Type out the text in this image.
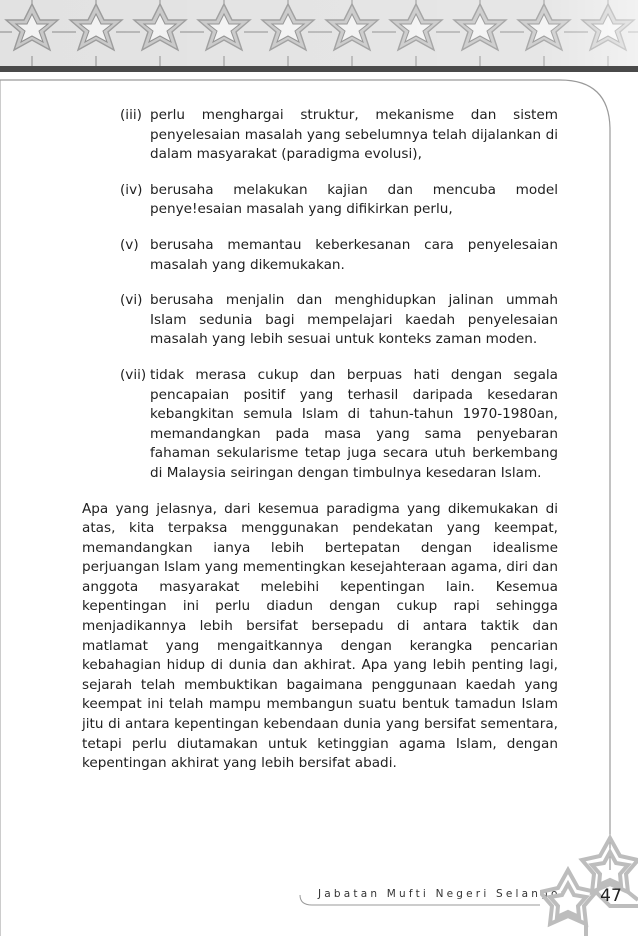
(iii) perlu menghargai struktur, mekanisme dan sistem penyelesaian masalah yang sebelumnya telah dijalankan di dalam masyarakat (paradigma evolusi),
(iv) berusaha melakukan kajian dan mencuba model penye!esaian masalah yang difikirkan perlu,
(v) berusaha memantau keberkesanan cara penyelesaian masalah yang dikemukakan.
(vi) berusaha menjalin dan menghidupkan jalinan ummah Islam sedunia bagi mempelajari kaedah penyelesaian masalah yang lebih sesuai untuk konteks zaman moden.
(vii) tidak merasa cukup dan berpuas hati dengan segala pencapaian positif yang terhasil daripada kesedaran kebangkitan semula Islam di tahun-tahun 1970-1980an, memandangkan pada masa yang sama penyebaran fahaman sekularisme tetap juga secara utuh berkembang di Malaysia seiringan dengan timbulnya kesedaran Islam.

Apa yang jelasnya, dari kesemua paradigma yang dikemukakan di atas, kita terpaksa menggunakan pendekatan yang keempat, memandangkan ianya lebih bertepatan dengan idealisme perjuangan Islam yang mementingkan kesejahteraan agama, diri dan anggota masyarakat melebihi kepentingan lain. Kesemua kepentingan ini perlu diadun dengan cukup rapi sehingga menjadikannya lebih bersifat bersepadu di antara taktik dan matlamat yang mengaitkannya dengan kerangka pencarian kebahagian hidup di dunia dan akhirat. Apa yang lebih penting lagi, sejarah telah membuktikan bagaimana penggunaan kaedah yang keempat ini telah mampu membangun suatu bentuk tamadun Islam jitu di antara kepentingan kebendaan dunia yang bersifat sementara, tetapi perlu diutamakan untuk ketinggian agama Islam, dengan kepentingan akhirat yang lebih bersifat abadi.

Jabatan Mufti Negeri Selangor	47
